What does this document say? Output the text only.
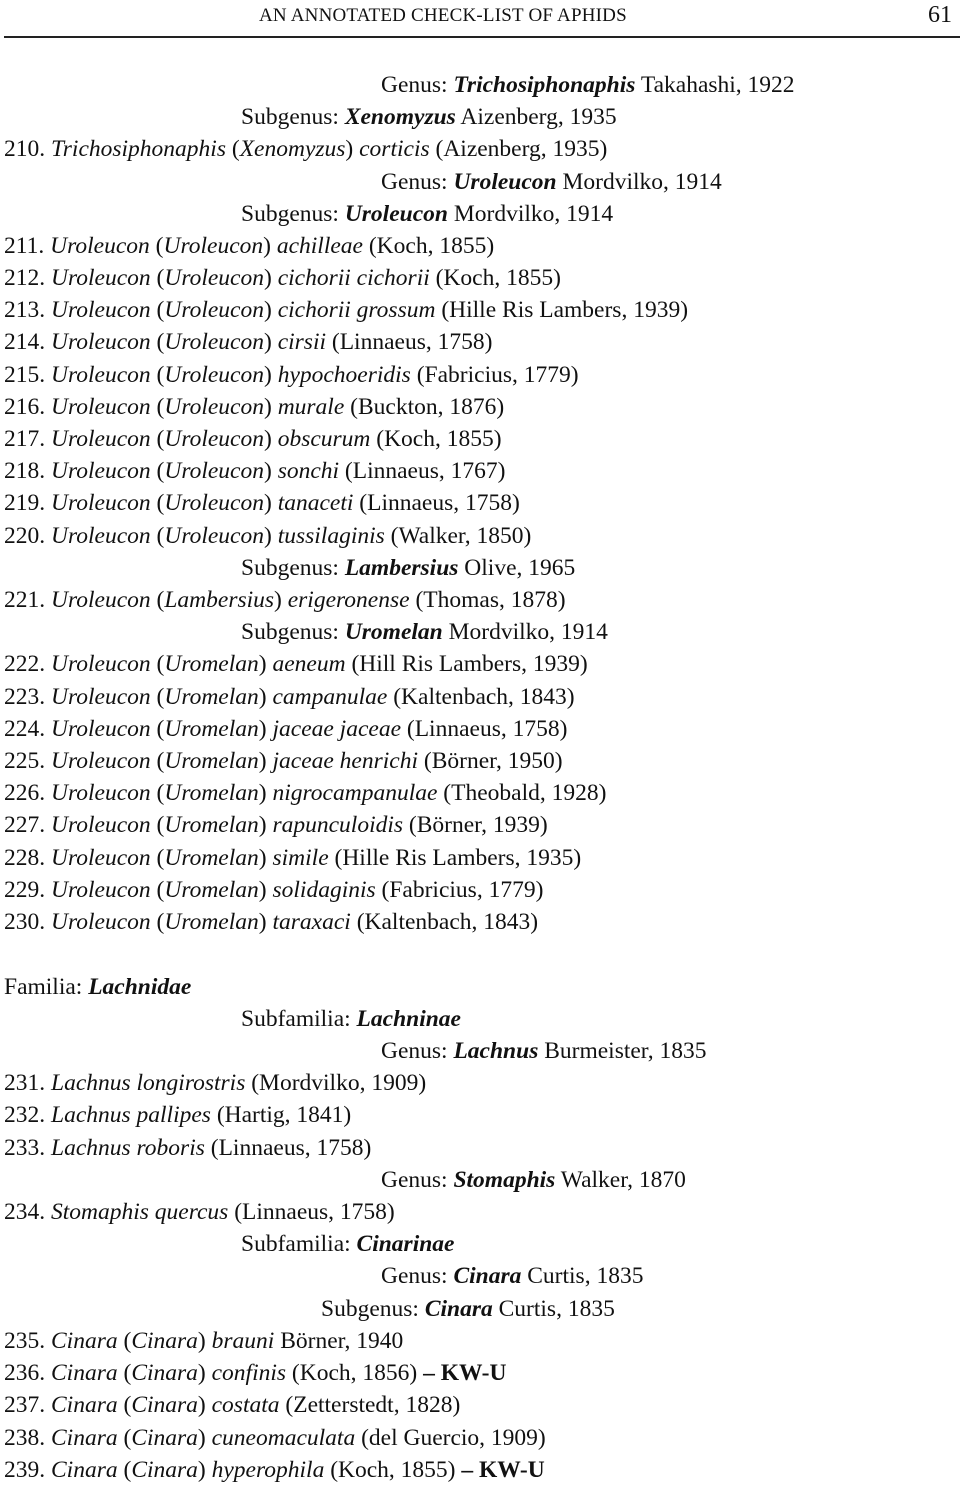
AN ANNOTATED CHECK-LIST OF APHIDS	61
Genus: Trichosiphonaphis Takahashi, 1922
Subgenus: Xenomyzus Aizenberg, 1935
210. Trichosiphonaphis (Xenomyzus) corticis (Aizenberg, 1935)
Genus: Uroleucon Mordvilko, 1914
Subgenus: Uroleucon Mordvilko, 1914
211. Uroleucon (Uroleucon) achilleae (Koch, 1855)
212. Uroleucon (Uroleucon) cichorii cichorii (Koch, 1855)
213. Uroleucon (Uroleucon) cichorii grossum (Hille Ris Lambers, 1939)
214. Uroleucon (Uroleucon) cirsii (Linnaeus, 1758)
215. Uroleucon (Uroleucon) hypochoeridis (Fabricius, 1779)
216. Uroleucon (Uroleucon) murale (Buckton, 1876)
217. Uroleucon (Uroleucon) obscurum (Koch, 1855)
218. Uroleucon (Uroleucon) sonchi (Linnaeus, 1767)
219. Uroleucon (Uroleucon) tanaceti (Linnaeus, 1758)
220. Uroleucon (Uroleucon) tussilaginis (Walker, 1850)
Subgenus: Lambersius Olive, 1965
221. Uroleucon (Lambersius) erigeronense (Thomas, 1878)
Subgenus: Uromelan Mordvilko, 1914
222. Uroleucon (Uromelan) aeneum (Hill Ris Lambers, 1939)
223. Uroleucon (Uromelan) campanulae (Kaltenbach, 1843)
224. Uroleucon (Uromelan) jaceae jaceae (Linnaeus, 1758)
225. Uroleucon (Uromelan) jaceae henrichi (Börner, 1950)
226. Uroleucon (Uromelan) nigrocampanulae (Theobald, 1928)
227. Uroleucon (Uromelan) rapunculoidis (Börner, 1939)
228. Uroleucon (Uromelan) simile (Hille Ris Lambers, 1935)
229. Uroleucon (Uromelan) solidaginis (Fabricius, 1779)
230. Uroleucon (Uromelan) taraxaci (Kaltenbach, 1843)
Familia: Lachnidae
Subfamilia: Lachninae
Genus: Lachnus Burmeister, 1835
231. Lachnus longirostris (Mordvilko, 1909)
232. Lachnus pallipes (Hartig, 1841)
233. Lachnus roboris (Linnaeus, 1758)
Genus: Stomaphis Walker, 1870
234. Stomaphis quercus (Linnaeus, 1758)
Subfamilia: Cinarinae
Genus: Cinara Curtis, 1835
Subgenus: Cinara Curtis, 1835
235. Cinara (Cinara) brauni Börner, 1940
236. Cinara (Cinara) confinis (Koch, 1856) – KW-U
237. Cinara (Cinara) costata (Zetterstedt, 1828)
238. Cinara (Cinara) cuneomaculata (del Guercio, 1909)
239. Cinara (Cinara) hyperophila (Koch, 1855) – KW-U
